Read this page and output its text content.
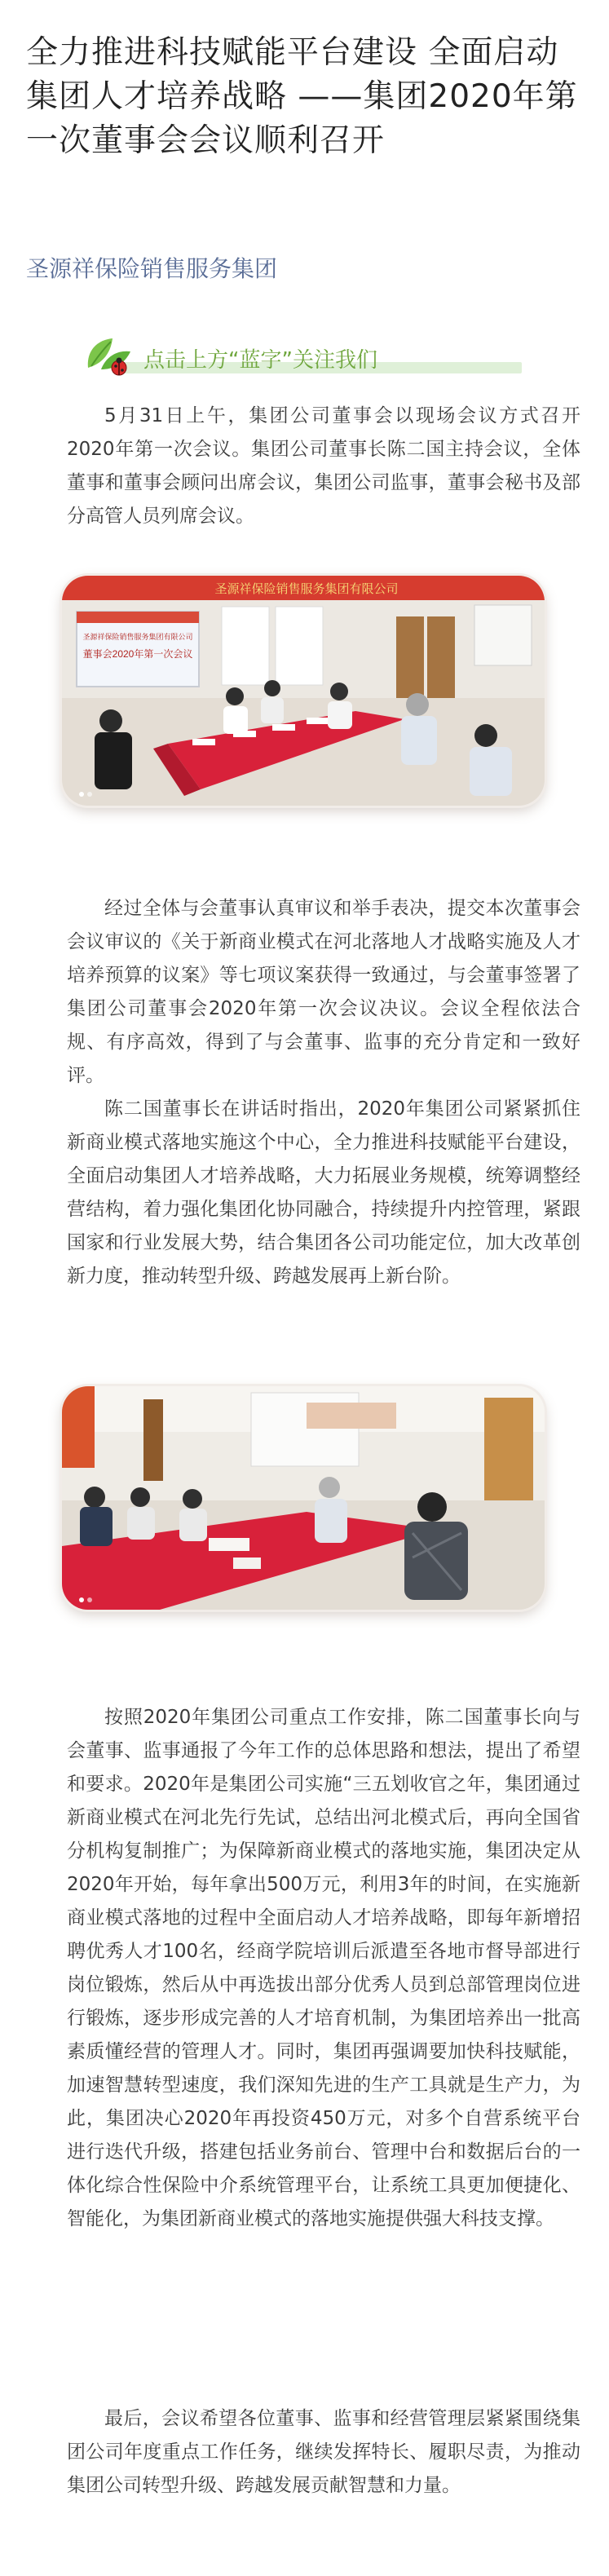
全力推进科技赋能平台建设 全面启动集团人才培养战略 ——集团2020年第一次董事会会议顺利召开
圣源祥保险销售服务集团
点击上方“蓝字”关注我们

5月31日上午，集团公司董事会以现场会议方式召开2020年第一次会议。集团公司董事长陈二国主持会议，全体董事和董事会顾问出席会议，集团公司监事，董事会秘书及部分高管人员列席会议。

圣源祥保险销售服务集团有限公司
圣源祥保险销售服务集团有限公司
董事会2020年第一次会议

经过全体与会董事认真审议和举手表决，提交本次董事会会议审议的《关于新商业模式在河北落地人才战略实施及人才培养预算的议案》等七项议案获得一致通过，与会董事签署了集团公司董事会2020年第一次会议决议。会议全程依法合规、有序高效，得到了与会董事、监事的充分肯定和一致好评。

陈二国董事长在讲话时指出，2020年集团公司紧紧抓住新商业模式落地实施这个中心，全力推进科技赋能平台建设，全面启动集团人才培养战略，大力拓展业务规模，统筹调整经营结构，着力强化集团化协同融合，持续提升内控管理，紧跟国家和行业发展大势，结合集团各公司功能定位，加大改革创新力度，推动转型升级、跨越发展再上新台阶。

按照2020年集团公司重点工作安排，陈二国董事长向与会董事、监事通报了今年工作的总体思路和想法，提出了希望和要求。2020年是集团公司实施“三五划收官之年，集团通过新商业模式在河北先行先试，总结出河北模式后，再向全国省分机构复制推广；为保障新商业模式的落地实施，集团决定从2020年开始，每年拿出500万元，利用3年的时间，在实施新商业模式落地的过程中全面启动人才培养战略，即每年新增招聘优秀人才100名，经商学院培训后派遣至各地市督导部进行岗位锻炼，然后从中再选拔出部分优秀人员到总部管理岗位进行锻炼，逐步形成完善的人才培育机制，为集团培养出一批高素质懂经营的管理人才。同时，集团再强调要加快科技赋能，加速智慧转型速度，我们深知先进的生产工具就是生产力，为此，集团决心2020年再投资450万元，对多个自营系统平台进行迭代升级，搭建包括业务前台、管理中台和数据后台的一体化综合性保险中介系统管理平台，让系统工具更加便捷化、智能化，为集团新商业模式的落地实施提供强大科技支撑。

最后，会议希望各位董事、监事和经营管理层紧紧围绕集团公司年度重点工作任务，继续发挥特长、履职尽责，为推动集团公司转型升级、跨越发展贡献智慧和力量。
